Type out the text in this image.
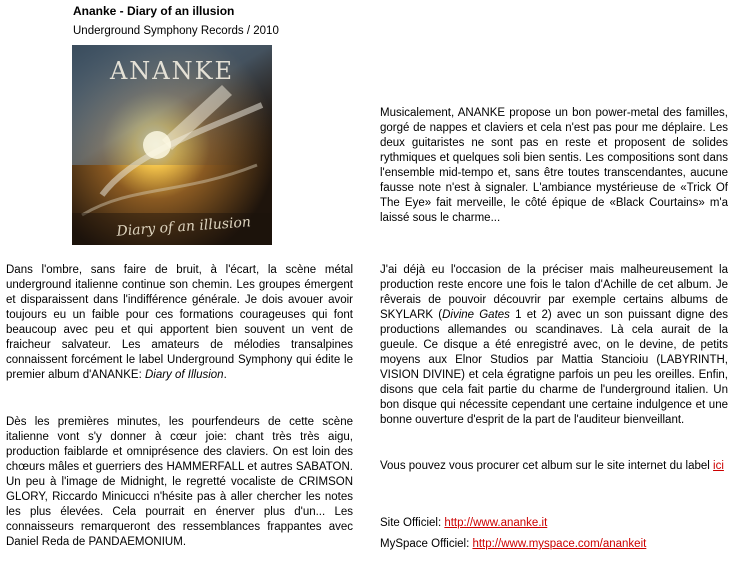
Ananke - Diary of an illusion
Underground Symphony Records / 2010
ANANKE
Diary of an illusion

Dans l'ombre, sans faire de bruit, à l'écart, la scène métal underground italienne continue son chemin. Les groupes émergent et disparaissent dans l'indifférence générale. Je dois avouer avoir toujours eu un faible pour ces formations courageuses qui font beaucoup avec peu et qui apportent bien souvent un vent de fraicheur salvateur. Les amateurs de mélodies transalpines connaissent forcément le label Underground Symphony qui édite le premier album d'ANANKE: Diary of Illusion.

Dès les premières minutes, les pourfendeurs de cette scène italienne vont s'y donner à cœur joie: chant très très aigu, production faiblarde et omniprésence des claviers. On est loin des chœurs mâles et guerriers des HAMMERFALL et autres SABATON. Un peu à l'image de Midnight, le regretté vocaliste de CRIMSON GLORY, Riccardo Minicucci n'hésite pas à aller chercher les notes les plus élevées. Cela pourrait en énerver plus d'un... Les connaisseurs remarqueront des ressemblances frappantes avec Daniel Reda de PANDAEMONIUM.

Musicalement, ANANKE propose un bon power-metal des familles, gorgé de nappes et claviers et cela n'est pas pour me déplaire. Les deux guitaristes ne sont pas en reste et proposent de solides rythmiques et quelques soli bien sentis. Les compositions sont dans l'ensemble mid-tempo et, sans être toutes transcendantes, aucune fausse note n'est à signaler. L'ambiance mystérieuse de «Trick Of The Eye» fait merveille, le côté épique de «Black Courtains» m'a laissé sous le charme...

J'ai déjà eu l'occasion de la préciser mais malheureusement la production reste encore une fois le talon d'Achille de cet album. Je rêverais de pouvoir découvrir par exemple certains albums de SKYLARK (Divine Gates 1 et 2) avec un son puissant digne des productions allemandes ou scandinaves. Là cela aurait de la gueule. Ce disque a été enregistré avec, on le devine, de petits moyens aux Elnor Studios par Mattia Stancioiu (LABYRINTH, VISION DIVINE) et cela égratigne parfois un peu les oreilles. Enfin, disons que cela fait partie du charme de l'underground italien. Un bon disque qui nécessite cependant une certaine indulgence et une bonne ouverture d'esprit de la part de l'auditeur bienveillant.

Vous pouvez vous procurer cet album sur le site internet du label ici

Site Officiel: http://www.ananke.it
MySpace Officiel: http://www.myspace.com/anankeit
